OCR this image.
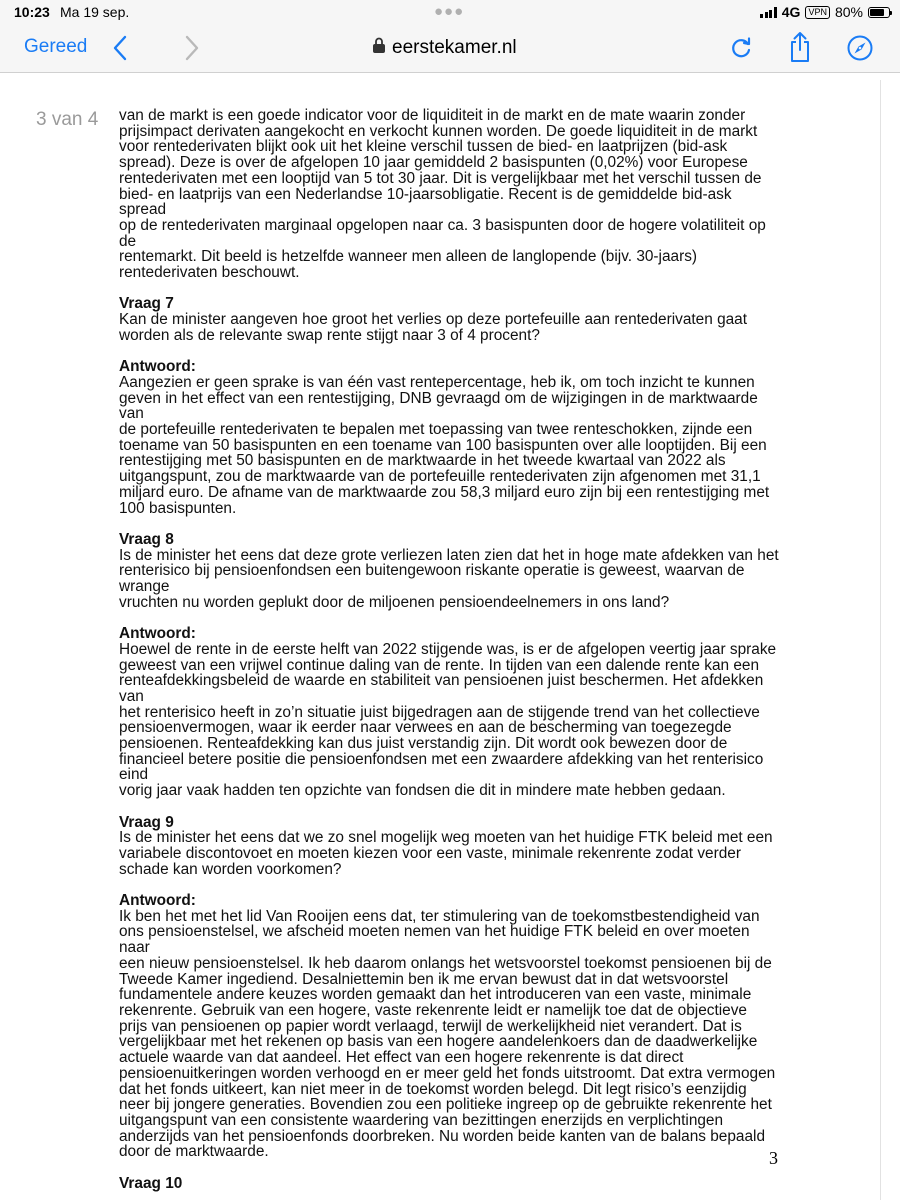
10:23 Ma 19 sep.	●●●	4G VPN 80%
Gereed	eerstekamer.nl
3 van 4 van de markt is een goede indicator voor de liquiditeit in de markt en de mate waarin zonder
prijsimpact derivaten aangekocht en verkocht kunnen worden. De goede liquiditeit in de markt
voor rentederivaten blijkt ook uit het kleine verschil tussen de bied- en laatprijzen (bid-ask
spread). Deze is over de afgelopen 10 jaar gemiddeld 2 basispunten (0,02%) voor Europese
rentederivaten met een looptijd van 5 tot 30 jaar. Dit is vergelijkbaar met het verschil tussen de
bied- en laatprijs van een Nederlandse 10-jaarsobligatie. Recent is de gemiddelde bid-ask spread
op de rentederivaten marginaal opgelopen naar ca. 3 basispunten door de hogere volatiliteit op de
rentemarkt. Dit beeld is hetzelfde wanneer men alleen de langlopende (bijv. 30-jaars)
rentederivaten beschouwt.

Vraag 7

Kan de minister aangeven hoe groot het verlies op deze portefeuille aan rentederivaten gaat
worden als de relevante swap rente stijgt naar 3 of 4 procent?

Antwoord:

Aangezien er geen sprake is van één vast rentepercentage, heb ik, om toch inzicht te kunnen
geven in het effect van een rentestijging, DNB gevraagd om de wijzigingen in de marktwaarde van
de portefeuille rentederivaten te bepalen met toepassing van twee renteschokken, zijnde een
toename van 50 basispunten en een toename van 100 basispunten over alle looptijden. Bij een
rentestijging met 50 basispunten en de marktwaarde in het tweede kwartaal van 2022 als
uitgangspunt, zou de marktwaarde van de portefeuille rentederivaten zijn afgenomen met 31,1
miljard euro. De afname van de marktwaarde zou 58,3 miljard euro zijn bij een rentestijging met
100 basispunten.

Vraag 8

Is de minister het eens dat deze grote verliezen laten zien dat het in hoge mate afdekken van het
renterisico bij pensioenfondsen een buitengewoon riskante operatie is geweest, waarvan de wrange
vruchten nu worden geplukt door de miljoenen pensioendeelnemers in ons land?

Antwoord:

Hoewel de rente in de eerste helft van 2022 stijgende was, is er de afgelopen veertig jaar sprake
geweest van een vrijwel continue daling van de rente. In tijden van een dalende rente kan een
renteafdekkingsbeleid de waarde en stabiliteit van pensioenen juist beschermen. Het afdekken van
het renterisico heeft in zo’n situatie juist bijgedragen aan de stijgende trend van het collectieve
pensioenvermogen, waar ik eerder naar verwees en aan de bescherming van toegezegde
pensioenen. Renteafdekking kan dus juist verstandig zijn. Dit wordt ook bewezen door de
financieel betere positie die pensioenfondsen met een zwaardere afdekking van het renterisico eind
vorig jaar vaak hadden ten opzichte van fondsen die dit in mindere mate hebben gedaan.

Vraag 9

Is de minister het eens dat we zo snel mogelijk weg moeten van het huidige FTK beleid met een
variabele discontovoet en moeten kiezen voor een vaste, minimale rekenrente zodat verder
schade kan worden voorkomen?

Antwoord:

Ik ben het met het lid Van Rooijen eens dat, ter stimulering van de toekomstbestendigheid van
ons pensioenstelsel, we afscheid moeten nemen van het huidige FTK beleid en over moeten naar
een nieuw pensioenstelsel. Ik heb daarom onlangs het wetsvoorstel toekomst pensioenen bij de
Tweede Kamer ingediend. Desalniettemin ben ik me ervan bewust dat in dat wetsvoorstel
fundamentele andere keuzes worden gemaakt dan het introduceren van een vaste, minimale
rekenrente. Gebruik van een hogere, vaste rekenrente leidt er namelijk toe dat de objectieve
prijs van pensioenen op papier wordt verlaagd, terwijl de werkelijkheid niet verandert. Dat is
vergelijkbaar met het rekenen op basis van een hogere aandelenkoers dan de daadwerkelijke
actuele waarde van dat aandeel. Het effect van een hogere rekenrente is dat direct
pensioenuitkeringen worden verhoogd en er meer geld het fonds uitstroomt. Dat extra vermogen
dat het fonds uitkeert, kan niet meer in de toekomst worden belegd. Dit legt risico’s eenzijdig
neer bij jongere generaties. Bovendien zou een politieke ingreep op de gebruikte rekenrente het
uitgangspunt van een consistente waardering van bezittingen enerzijds en verplichtingen
anderzijds van het pensioenfonds doorbreken. Nu worden beide kanten van de balans bepaald
door de marktwaarde.

Vraag 10
3
